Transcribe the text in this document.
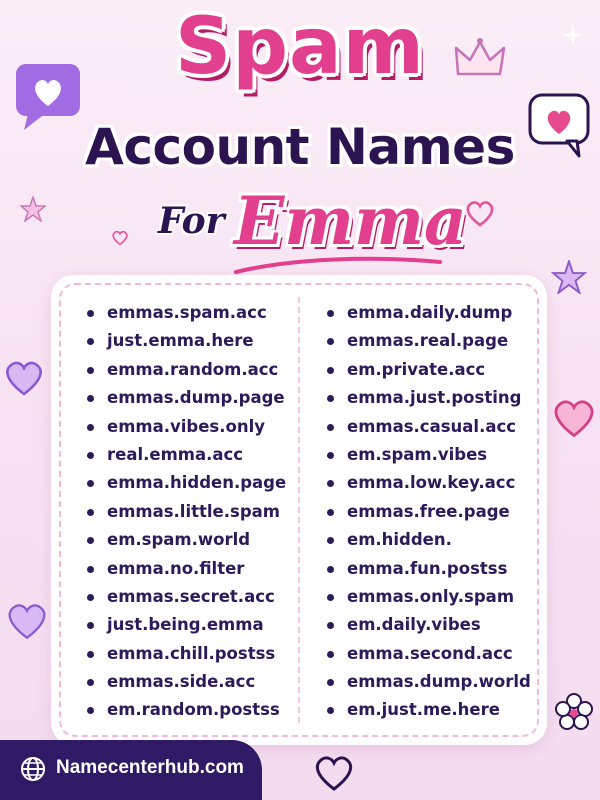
Spam
Account Names
For Emma
emmas.spam.acc
just.emma.here
emma.random.acc
emmas.dump.page
emma.vibes.only
real.emma.acc
emma.hidden.page
emmas.little.spam
em.spam.world
emma.no.filter
emmas.secret.acc
just.being.emma
emma.chill.postss
emmas.side.acc
em.random.postss
emma.daily.dump
emmas.real.page
em.private.acc
emma.just.posting
emmas.casual.acc
em.spam.vibes
emma.low.key.acc
emmas.free.page
em.hidden.
emma.fun.postss
emmas.only.spam
em.daily.vibes
emma.second.acc
emmas.dump.world
em.just.me.here
Namecenterhub.com
